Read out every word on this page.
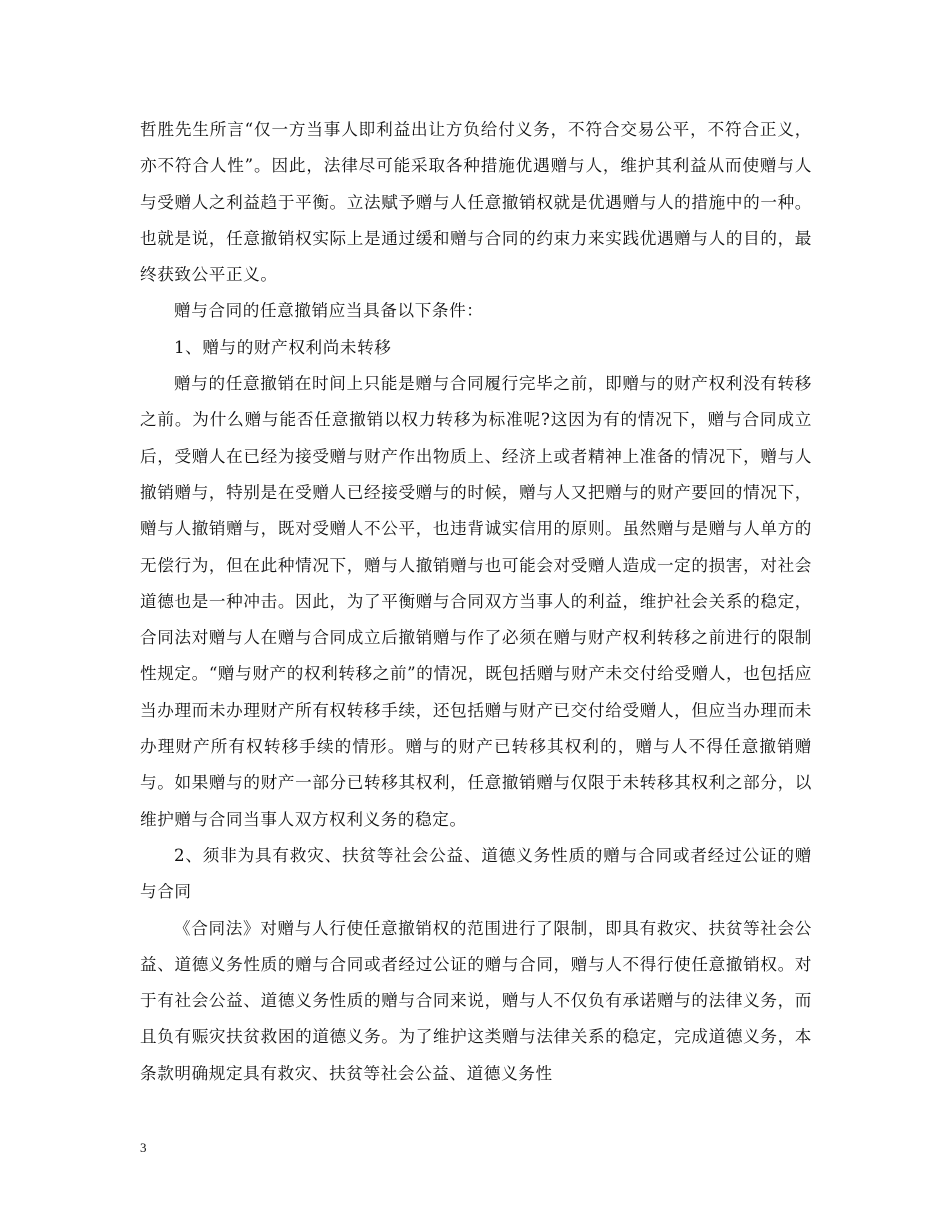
哲胜先生所言“仅一方当事人即利益出让方负给付义务，不符合交易公平，不符合正义，亦不符合人性”。因此，法律尽可能采取各种措施优遇赠与人，维护其利益从而使赠与人与受赠人之利益趋于平衡。立法赋予赠与人任意撤销权就是优遇赠与人的措施中的一种。也就是说，任意撤销权实际上是通过缓和赠与合同的约束力来实践优遇赠与人的目的，最终获致公平正义。

赠与合同的任意撤销应当具备以下条件：

1、赠与的财产权利尚未转移

赠与的任意撤销在时间上只能是赠与合同履行完毕之前，即赠与的财产权利没有转移之前。为什么赠与能否任意撤销以权力转移为标准呢?这因为有的情况下，赠与合同成立后，受赠人在已经为接受赠与财产作出物质上、经济上或者精神上准备的情况下，赠与人撤销赠与，特别是在受赠人已经接受赠与的时候，赠与人又把赠与的财产要回的情况下，赠与人撤销赠与，既对受赠人不公平，也违背诚实信用的原则。虽然赠与是赠与人单方的无偿行为，但在此种情况下，赠与人撤销赠与也可能会对受赠人造成一定的损害，对社会道德也是一种冲击。因此，为了平衡赠与合同双方当事人的利益，维护社会关系的稳定，合同法对赠与人在赠与合同成立后撤销赠与作了必须在赠与财产权利转移之前进行的限制性规定。“赠与财产的权利转移之前”的情况，既包括赠与财产未交付给受赠人，也包括应当办理而未办理财产所有权转移手续，还包括赠与财产已交付给受赠人，但应当办理而未办理财产所有权转移手续的情形。赠与的财产已转移其权利的，赠与人不得任意撤销赠与。如果赠与的财产一部分已转移其权利，任意撤销赠与仅限于未转移其权利之部分，以维护赠与合同当事人双方权利义务的稳定。

2、须非为具有救灾、扶贫等社会公益、道德义务性质的赠与合同或者经过公证的赠与合同

《合同法》对赠与人行使任意撤销权的范围进行了限制，即具有救灾、扶贫等社会公益、道德义务性质的赠与合同或者经过公证的赠与合同，赠与人不得行使任意撤销权。对于有社会公益、道德义务性质的赠与合同来说，赠与人不仅负有承诺赠与的法律义务，而且负有赈灾扶贫救困的道德义务。为了维护这类赠与法律关系的稳定，完成道德义务，本条款明确规定具有救灾、扶贫等社会公益、道德义务性

3
